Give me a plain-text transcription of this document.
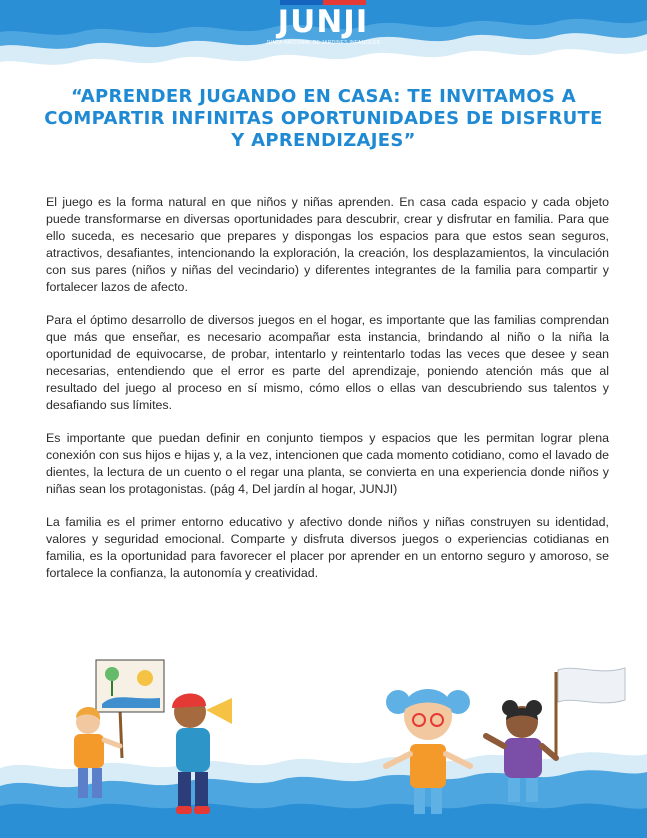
JUNJI
JUNTA NACIONAL DE JARDINES INFANTILES
“APRENDER JUGANDO EN CASA: TE INVITAMOS A COMPARTIR INFINITAS OPORTUNIDADES DE DISFRUTE Y APRENDIZAJES”

El juego es la forma natural en que niños y niñas aprenden. En casa cada espacio y cada objeto puede transformarse en diversas oportunidades para descubrir, crear y disfrutar en familia. Para que ello suceda, es necesario que prepares y dispongas los espacios para que estos sean seguros, atractivos, desafiantes, intencionando la exploración, la creación, los desplazamientos, la vinculación con sus pares (niños y niñas del vecindario) y diferentes integrantes de la familia para compartir y fortalecer lazos de afecto.

Para el óptimo desarrollo de diversos juegos en el hogar, es importante que las familias comprendan que más que enseñar, es necesario acompañar esta instancia, brindando al niño o la niña la oportunidad de equivocarse, de probar, intentarlo y reintentarlo todas las veces que desee y sean necesarias, entendiendo que el error es parte del aprendizaje, poniendo atención más que al resultado del juego al proceso en sí mismo, cómo ellos o ellas van descubriendo sus talentos y desafiando sus límites.

Es importante que puedan definir en conjunto tiempos y espacios que les permitan lograr plena conexión con sus hijos e hijas y, a la vez, intencionen que cada momento cotidiano, como el lavado de dientes, la lectura de un cuento o el regar una planta, se convierta en una experiencia donde niños y niñas sean los protagonistas. (pág 4, Del jardín al hogar, JUNJI)

La familia es el primer entorno educativo y afectivo donde niños y niñas construyen su identidad, valores y seguridad emocional. Comparte y disfruta diversos juegos o experiencias cotidianas en familia, es la oportunidad para favorecer el placer por aprender en un entorno seguro y amoroso, se fortalece la confianza, la autonomía y creatividad.
